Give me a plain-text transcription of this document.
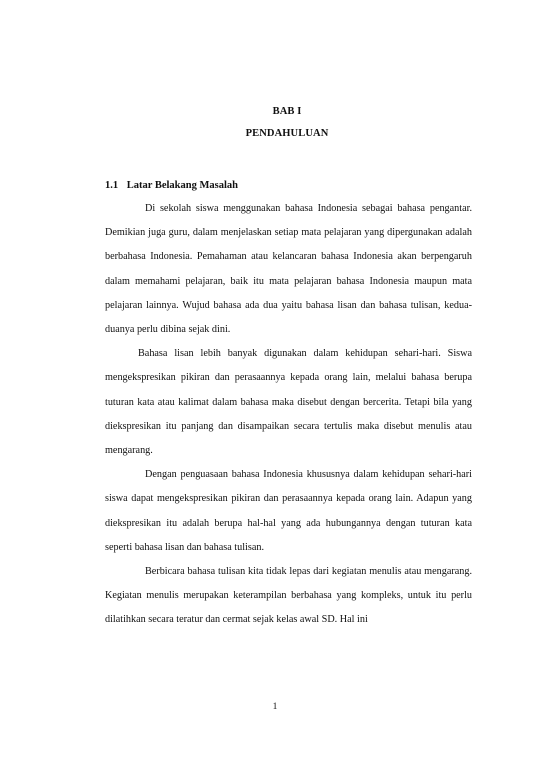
BAB I
PENDAHULUAN
1.1 Latar Belakang Masalah

Di sekolah siswa menggunakan bahasa Indonesia sebagai bahasa pengantar. Demikian juga guru, dalam menjelaskan setiap mata pelajaran yang dipergunakan adalah berbahasa Indonesia. Pemahaman atau kelancaran bahasa Indonesia akan berpengaruh dalam memahami pelajaran, baik itu mata pelajaran bahasa Indonesia maupun mata pelajaran lainnya. Wujud bahasa ada dua yaitu bahasa lisan dan bahasa tulisan, kedua-duanya perlu dibina sejak dini.

Bahasa lisan lebih banyak digunakan dalam kehidupan sehari-hari. Siswa mengekspresikan pikiran dan perasaannya kepada orang lain, melalui bahasa berupa tuturan kata atau kalimat dalam bahasa maka disebut dengan bercerita. Tetapi bila yang diekspresikan itu panjang dan disampaikan secara tertulis maka disebut menulis atau mengarang.

Dengan penguasaan bahasa Indonesia khususnya dalam kehidupan sehari-hari siswa dapat mengekspresikan pikiran dan perasaannya kepada orang lain. Adapun yang diekspresikan itu adalah berupa hal-hal yang ada hubungannya dengan tuturan kata seperti bahasa lisan dan bahasa tulisan.

Berbicara bahasa tulisan kita tidak lepas dari kegiatan menulis atau mengarang. Kegiatan menulis merupakan keterampilan berbahasa yang kompleks, untuk itu perlu dilatihkan secara teratur dan cermat sejak kelas awal SD. Hal ini

1
